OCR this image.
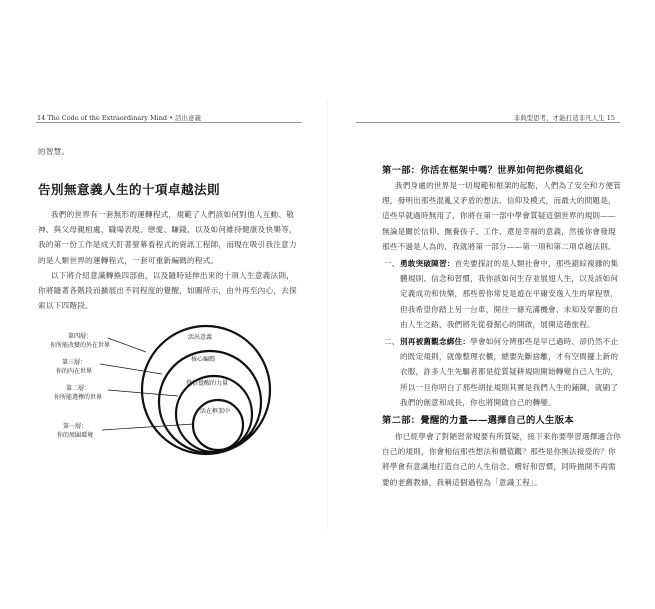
14 The Code of the Extraordinary Mind • 活出意義	非典型思考，才能打造非凡人生 15

的智慧。

告別無意義人生的十項卓越法則

我們的世界有一套無形的運轉程式，規範了人們該如何對他人互動、敬神、與父母親相處、職場表現、戀愛、賺錢，以及如何維持健康及快樂等，我的第一份工作是成天盯著螢幕看程式的資訊工程師，而現在吸引我注意力的是人類世界的運轉程式，一套可重新編碼的程式。

以下將介紹意識轉換四部曲，以及隨時延伸出來的十項人生意義法則，你將隨著各階段而擴展出不同程度的覺醒，如圖所示，由外再至內心，去探索以下四階段。

第四層：
你所能改變的外在世界
第三層：
你的內在世界
第二層：
你所能選擇的世界
第一層：
你的周圍環境
活出意義
核心編碼
覺悟覺醒的力量
活在框架中
第一部：你活在框架中嗎？世界如何把你模組化

我們身處的世界是一切規範和框架的起點，人們為了安全和方便管理，發明出那些混亂又矛盾的想法、信仰及模式，而最大的問題是，這些早就過時無用了，你將在第一部中學會質疑這個世界的規則——無論是關於信仰、撫養孩子、工作、還是幸福的意義，然後你會發現那些不過是人為的，我就將第一部分——第一項和第二項卓越法則。

一、 勇敢突破陳習：首先要探討的是人類社會中，那些錯綜複雜的集體規則、信念和習慣，我你該如何生存並展翅人生，以及該如何定義成功和快樂，那些曾你常見是遊在平庸安逸人生的單程票，但我希望你踏上另一台車，開往一條充滿機會、未知及穿靈的自由人生之路，我們將先從發掘心的開啟，展開這趟旅程。
二、 別再被舊觀念綁住：學會如何分辨那些是早已過時、卻仍然不止的既定規則，就像整理衣櫃，總要先斷捨離，才有空間擺上新的衣服，許多人生先驅者都是從質疑耕規則開始轉變自己人生的，所以一旦你明白了那些胡扯規則其實是我們人生的鋪陳，就刷了我們的創意和成長，你也將開啟自己的轉變。
第二部：覺醒的力量——選擇自己的人生版本

你已經學會了對陋習常規要有所質疑，接下來你要學習選擇適合你自己的規則，你會相信那些想法和價值觀？那些是你無法接受的？你將學會有意識地打造自己的人生信念、嚐好和習慣，同時拋開不再需要的老舊教條，我稱這個過程為「意識工程」。
